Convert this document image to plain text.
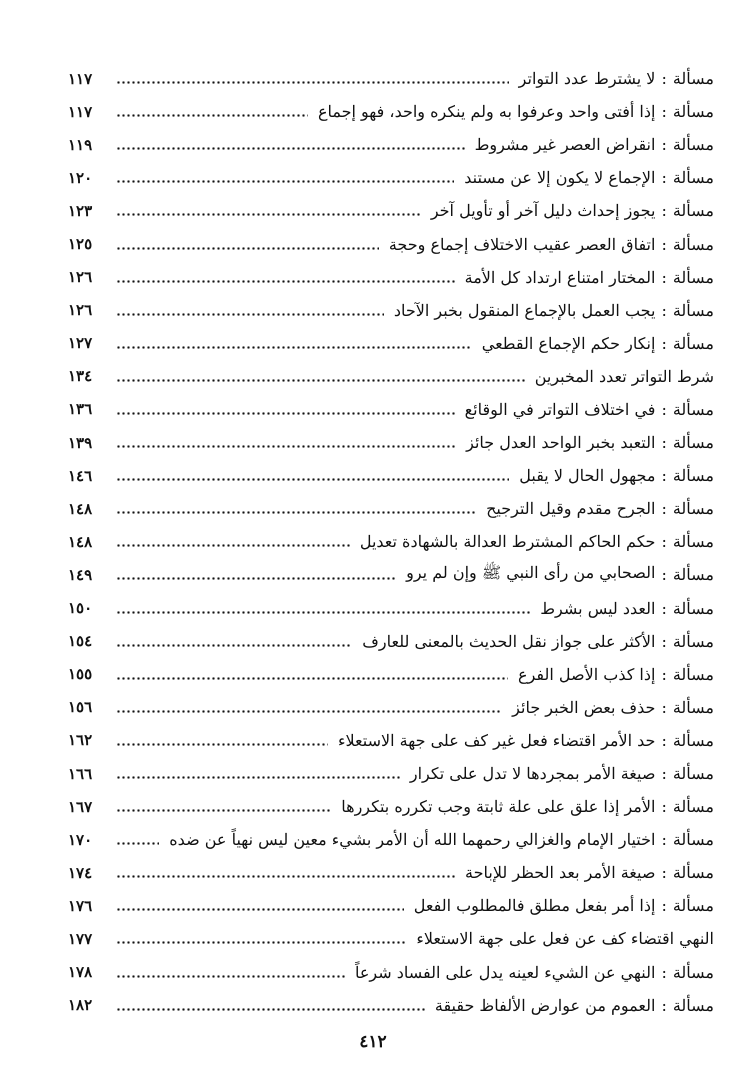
مسألة
:
لا يشترط عدد التواتر
١١٧
مسألة
:
إذا أفتى واحد وعرفوا به ولم ينكره واحد، فهو إجماع
١١٧
مسألة
:
انقراض العصر غير مشروط
١١٩
مسألة
:
الإجماع لا يكون إلا عن مستند
١٢٠
مسألة
:
يجوز إحداث دليل آخر أو تأويل آخر
١٢٣
مسألة
:
اتفاق العصر عقيب الاختلاف إجماع وحجة
١٢٥
مسألة
:
المختار امتناع ارتداد كل الأمة
١٢٦
مسألة
:
يجب العمل بالإجماع المنقول بخبر الآحاد
١٢٦
مسألة
:
إنكار حكم الإجماع القطعي
١٢٧
شرط التواتر تعدد المخبرين
١٣٤
مسألة
:
في اختلاف التواتر في الوقائع
١٣٦
مسألة
:
التعبد بخبر الواحد العدل جائز
١٣٩
مسألة
:
مجهول الحال لا يقبل
١٤٦
مسألة
:
الجرح مقدم وقيل الترجيح
١٤٨
مسألة
:
حكم الحاكم المشترط العدالة بالشهادة تعديل
١٤٨
مسألة
:
الصحابي من رأى النبي ﷺ وإن لم يرو
١٤٩
مسألة
:
العدد ليس بشرط
١٥٠
مسألة
:
الأكثر على جواز نقل الحديث بالمعنى للعارف
١٥٤
مسألة
:
إذا كذب الأصل الفرع
١٥٥
مسألة
:
حذف بعض الخبر جائز
١٥٦
مسألة
:
حد الأمر اقتضاء فعل غير كف على جهة الاستعلاء
١٦٢
مسألة
:
صيغة الأمر بمجردها لا تدل على تكرار
١٦٦
مسألة
:
الأمر إذا علق على علة ثابتة وجب تكرره بتكررها
١٦٧
مسألة
:
اختيار الإمام والغزالي رحمهما الله أن الأمر بشيء معين ليس نهياً عن ضده
١٧٠
مسألة
:
صيغة الأمر بعد الحظر للإباحة
١٧٤
مسألة
:
إذا أمر بفعل مطلق فالمطلوب الفعل
١٧٦
النهي اقتضاء كف عن فعل على جهة الاستعلاء
١٧٧
مسألة
:
النهي عن الشيء لعينه يدل على الفساد شرعاً
١٧٨
مسألة
:
العموم من عوارض الألفاظ حقيقة
١٨٢
٤١٢
